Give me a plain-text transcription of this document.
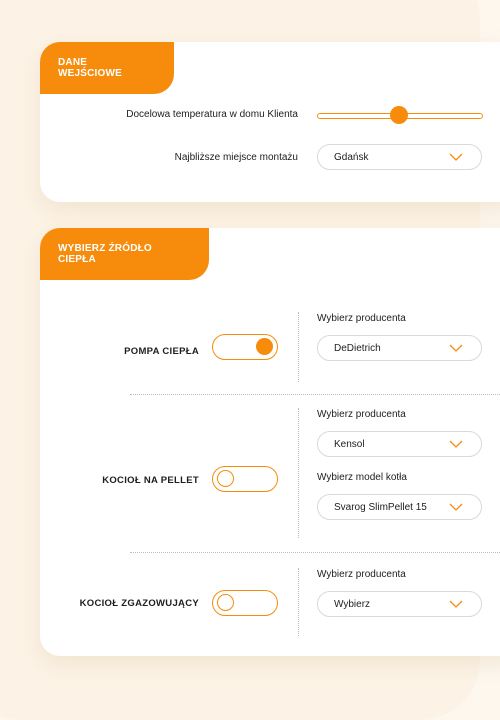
DANE WEJŚCIOWE
Docelowa temperatura w domu Klienta
Najbliższe miejsce montażu	Gdańsk
WYBIERZ ŹRÓDŁO CIEPŁA
POMPA CIEPŁA
Wybierz producenta
DeDietrich
KOCIOŁ NA PELLET
Wybierz producenta
Kensol
Wybierz model kotła
Svarog SlimPellet 15
KOCIOŁ ZGAZOWUJĄCY
Wybierz producenta
Wybierz
